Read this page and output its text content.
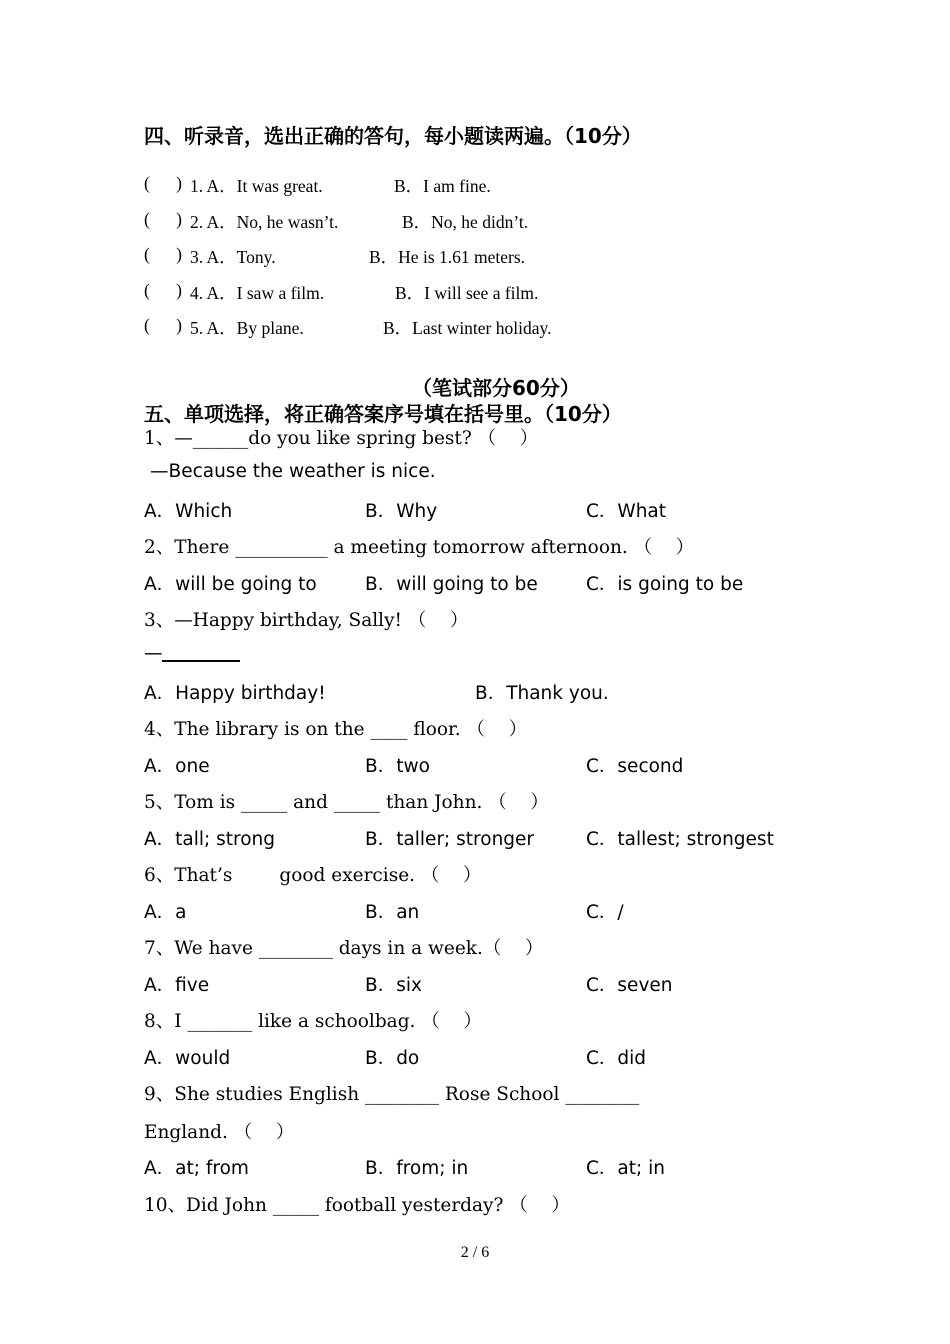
四、听录音，选出正确的答句，每小题读两遍。（10分）
(      ) 1. A．It was great.	B．I am fine.
(      ) 2. A．No, he wasn’t.	B．No, he didn’t.
(      ) 3. A．Tony.	B．He is 1.61 meters.
(      ) 4. A．I saw a film.	B．I will see a film.
(      ) 5. A．By plane.	B．Last winter holiday.
（笔试部分60分）
五、单项选择，将正确答案序号填在括号里。（10分）
1、—______do you like spring best? （    ）
—Because the weather is nice.
A．Which	B．Why	C．What
2、There __________ a meeting tomorrow afternoon. （    ）
A．will be going to	B．will going to be	C．is going to be
3、—Happy birthday, Sally! （    ）
—
A．Happy birthday!	B．Thank you.
4、The library is on the ____ floor. （    ）
A．one	B．two	C．second
5、Tom is _____ and _____ than John. （    ）
A．tall; strong	B．taller; stronger	C．tallest; strongest
6、That’s        good exercise. （    ）
A．a	B．an	C．/
7、We have ________ days in a week.（    ）
A．five	B．six	C．seven
8、I _______ like a schoolbag. （    ）
A．would	B．do	C．did
9、She studies English ________ Rose School ________
England. （    ）
A．at; from	B．from; in	C．at; in
10、Did John _____ football yesterday? （    ）
2 / 6
